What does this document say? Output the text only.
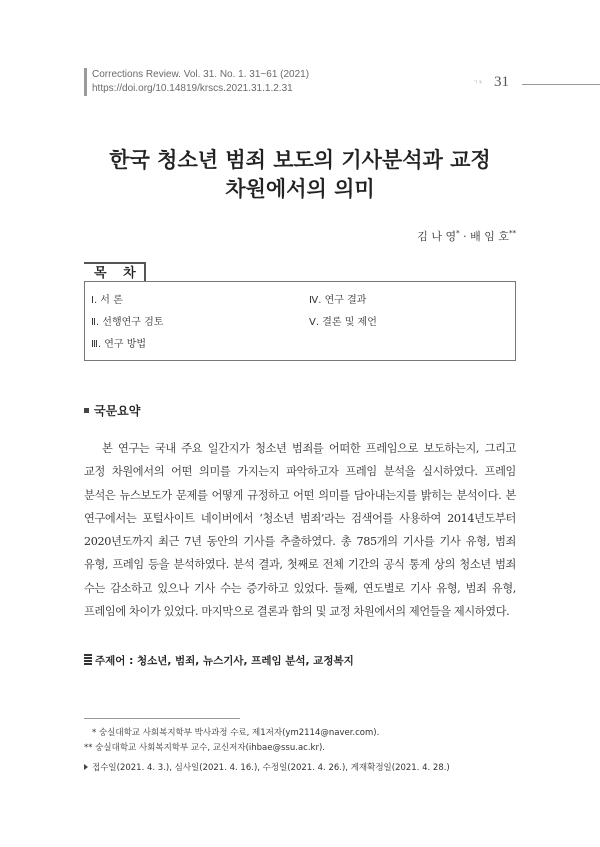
Corrections Review. Vol. 31. No. 1. 31~61 (2021)
https://doi.org/10.14819/krscs.2021.31.1.2.31	ㄱㅊ 31
한국 청소년 범죄 보도의 기사분석과 교정
차원에서의 의미
김 나 영* · 배 임 호**
목 차
Ⅰ. 서 론
Ⅱ. 선행연구 검토
Ⅲ. 연구 방법
Ⅳ. 연구 결과
Ⅴ. 결론 및 제언
국문요약
본 연구는 국내 주요 일간지가 청소년 범죄를 어떠한 프레임으로 보도하는지, 그리고 교정 차원에서의 어떤 의미를 가지는지 파악하고자 프레임 분석을 실시하였다. 프레임 분석은 뉴스보도가 문제를 어떻게 규정하고 어떤 의미를 담아내는지를 밝히는 분석이다. 본 연구에서는 포털사이트 네이버에서 ‘청소년 범죄’라는 검색어를 사용하여 2014년도부터 2020년도까지 최근 7년 동안의 기사를 추출하였다. 총 785개의 기사를 기사 유형, 범죄 유형, 프레임 등을 분석하였다. 분석 결과, 첫째로 전체 기간의 공식 통계 상의 청소년 범죄 수는 감소하고 있으나 기사 수는 증가하고 있었다. 둘째, 연도별로 기사 유형, 범죄 유형, 프레임에 차이가 있었다. 마지막으로 결론과 함의 및 교정 차원에서의 제언들을 제시하였다.
주제어 : 청소년, 범죄, 뉴스기사, 프레임 분석, 교정복지
* 숭실대학교 사회복지학부 박사과정 수료, 제1저자(ym2114@naver.com).
** 숭실대학교 사회복지학부 교수, 교신저자(ihbae@ssu.ac.kr).
접수일(2021. 4. 3.), 심사일(2021. 4. 16.), 수정일(2021. 4. 26.), 게재확정일(2021. 4. 28.)
